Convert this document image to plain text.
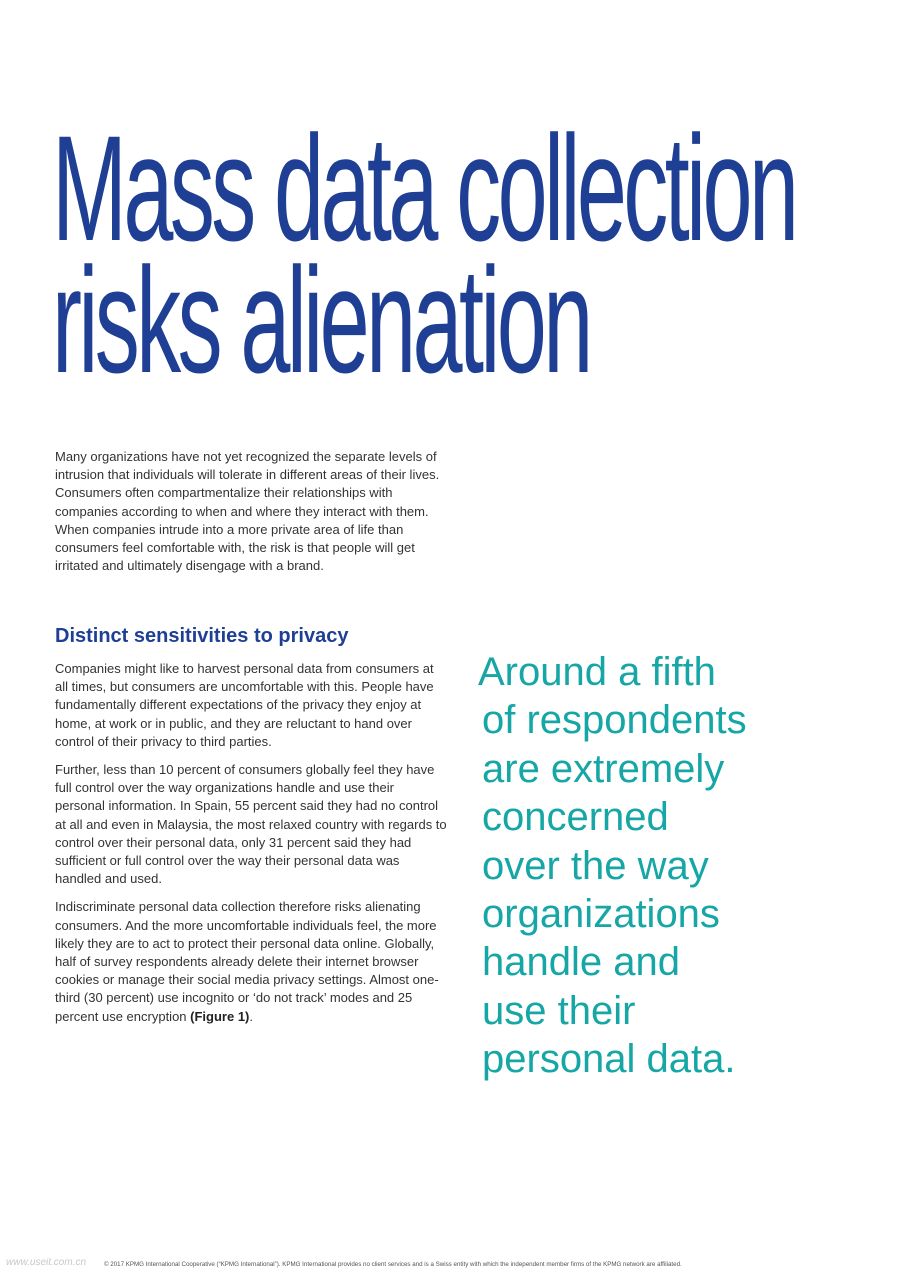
Mass data collection
risks alienation

Many organizations have not yet recognized the separate levels of intrusion that individuals will tolerate in different areas of their lives. Consumers often compartmentalize their relationships with companies according to when and where they interact with them. When companies intrude into a more private area of life than consumers feel comfortable with, the risk is that people will get irritated and ultimately disengage with a brand.

Distinct sensitivities to privacy

Companies might like to harvest personal data from consumers at all times, but consumers are uncomfortable with this. People have fundamentally different expectations of the privacy they enjoy at home, at work or in public, and they are reluctant to hand over control of their privacy to third parties.

Further, less than 10 percent of consumers globally feel they have full control over the way organizations handle and use their personal information. In Spain, 55 percent said they had no control at all and even in Malaysia, the most relaxed country with regards to control over their personal data, only 31 percent said they had sufficient or full control over the way their personal data was handled and used.

Indiscriminate personal data collection therefore risks alienating consumers. And the more uncomfortable individuals feel, the more likely they are to act to protect their personal data online. Globally, half of survey respondents already delete their internet browser cookies or manage their social media privacy settings. Almost one-third (30 percent) use incognito or ‘do not track’ modes and 25 percent use encryption (Figure 1).

Around a fifth
of respondents
are extremely
concerned
over the way
organizations
handle and
use their
personal data.

www.useit.com.cn	© 2017 KPMG International Cooperative (“KPMG International”). KPMG International provides no client services and is a Swiss entity with which the independent member firms of the KPMG network are affiliated.
